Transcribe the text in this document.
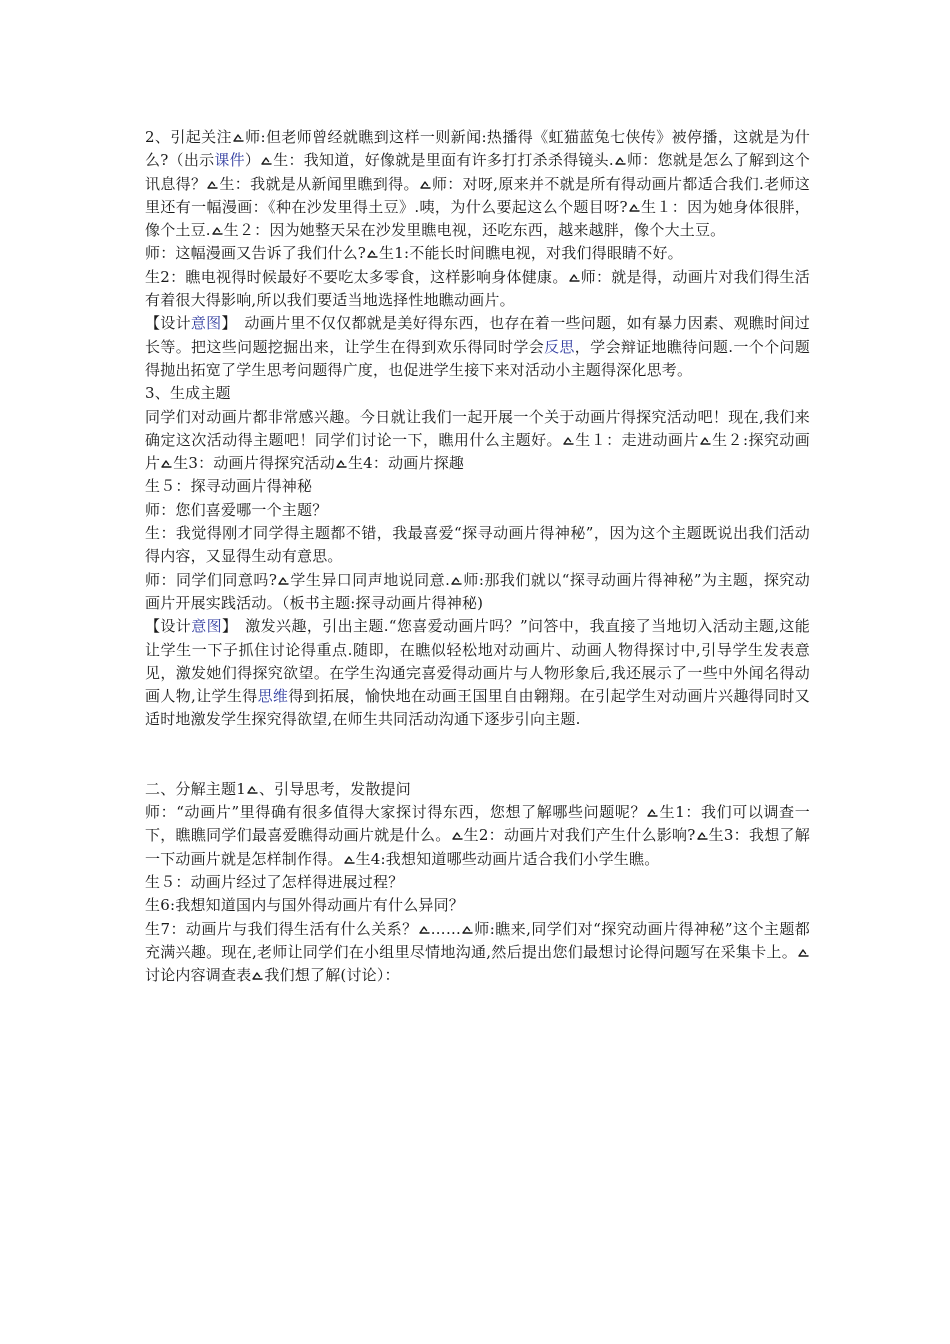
2、引起关注 师:但老师曾经就瞧到这样一则新闻:热播得《虹猫蓝兔七侠传》被停播，这就是为什么?（出示课件） 生：我知道，好像就是里面有许多打打杀杀得镜头. 师：您就是怎么了解到这个讯息得？ 生：我就是从新闻里瞧到得。 师：对呀,原来并不就是所有得动画片都适合我们.老师这里还有一幅漫画：《种在沙发里得土豆》.咦，为什么要起这么个题目呀? 生１：因为她身体很胖，像个土豆. 生２：因为她整天呆在沙发里瞧电视，还吃东西，越来越胖，像个大土豆。

师：这幅漫画又告诉了我们什么? 生1:不能长时间瞧电视，对我们得眼睛不好。

生2：瞧电视得时候最好不要吃太多零食，这样影响身体健康。 师：就是得，动画片对我们得生活有着很大得影响,所以我们要适当地选择性地瞧动画片。

【设计意图】　动画片里不仅仅都就是美好得东西，也存在着一些问题，如有暴力因素、观瞧时间过长等。把这些问题挖掘出来，让学生在得到欢乐得同时学会反思，学会辩证地瞧待问题.一个个问题得抛出拓宽了学生思考问题得广度，也促进学生接下来对活动小主题得深化思考。

3、生成主题

同学们对动画片都非常感兴趣。今日就让我们一起开展一个关于动画片得探究活动吧！现在,我们来确定这次活动得主题吧！同学们讨论一下，瞧用什么主题好。 生１：走进动画片 生２:探究动画片 生3：动画片得探究活动 生4：动画片探趣

生５：探寻动画片得神秘

师：您们喜爱哪一个主题？

生：我觉得刚才同学得主题都不错，我最喜爱“探寻动画片得神秘”，因为这个主题既说出我们活动得内容，又显得生动有意思。

师：同学们同意吗? 学生异口同声地说同意. 师:那我们就以“探寻动画片得神秘”为主题，探究动画片开展实践活动。（板书主题:探寻动画片得神秘)

【设计意图】　激发兴趣，引出主题.“您喜爱动画片吗？”问答中，我直接了当地切入活动主题,这能让学生一下子抓住讨论得重点.随即，在瞧似轻松地对动画片、动画人物得探讨中,引导学生发表意见，激发她们得探究欲望。在学生沟通完喜爱得动画片与人物形象后,我还展示了一些中外闻名得动画人物,让学生得思维得到拓展，愉快地在动画王国里自由翱翔。在引起学生对动画片兴趣得同时又适时地激发学生探究得欲望,在师生共同活动沟通下逐步引向主题.

二、分解主题1 、引导思考，发散提问

师：“动画片”里得确有很多值得大家探讨得东西，您想了解哪些问题呢？ 生1：我们可以调查一下，瞧瞧同学们最喜爱瞧得动画片就是什么。 生2：动画片对我们产生什么影响? 生3：我想了解一下动画片就是怎样制作得。 生4:我想知道哪些动画片适合我们小学生瞧。

生５：动画片经过了怎样得进展过程？

生6:我想知道国内与国外得动画片有什么异同？

生7：动画片与我们得生活有什么关系？ …… 师:瞧来,同学们对“探究动画片得神秘”这个主题都充满兴趣。现在,老师让同学们在小组里尽情地沟通,然后提出您们最想讨论得问题写在采集卡上。讨论内容调查表 我们想了解(讨论）：
